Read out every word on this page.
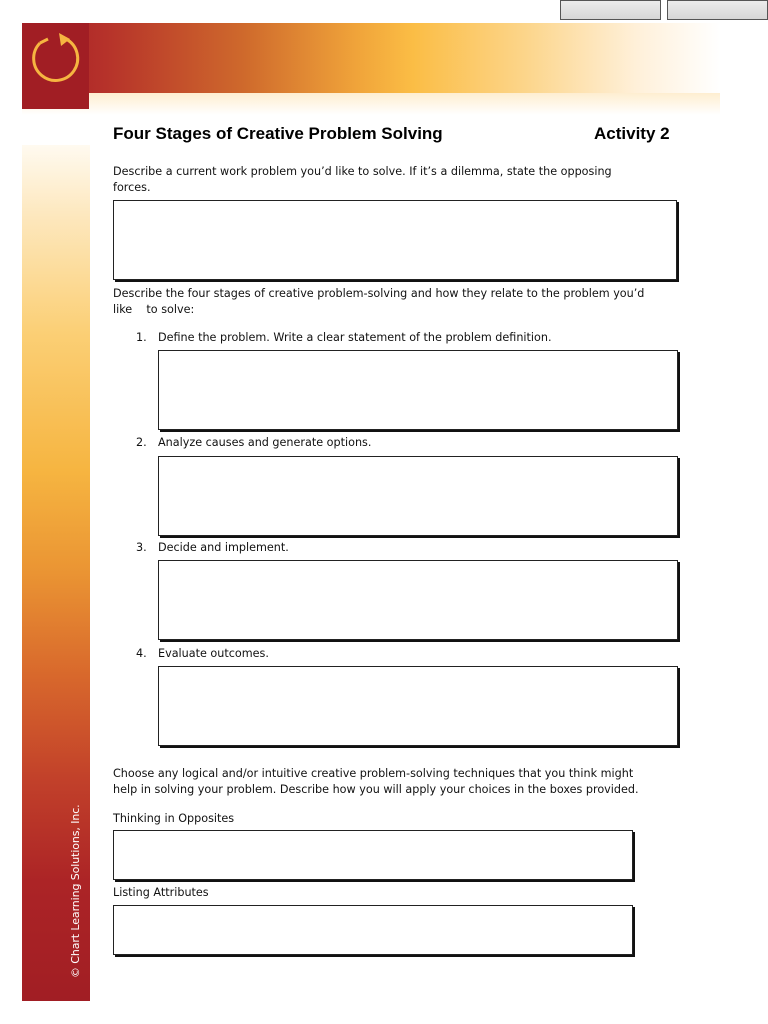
© Chart Learning Solutions, Inc.
Four Stages of Creative Problem Solving	Activity 2
Describe a current work problem you’d like to solve. If it’s a dilemma, state the opposing
forces.
Describe the four stages of creative problem-solving and how they relate to the problem you’d
like    to solve:
1. Define the problem. Write a clear statement of the problem definition.
2. Analyze causes and generate options.
3. Decide and implement.
4. Evaluate outcomes.
Choose any logical and/or intuitive creative problem-solving techniques that you think might
help in solving your problem. Describe how you will apply your choices in the boxes provided.
Thinking in Opposites
Listing Attributes
